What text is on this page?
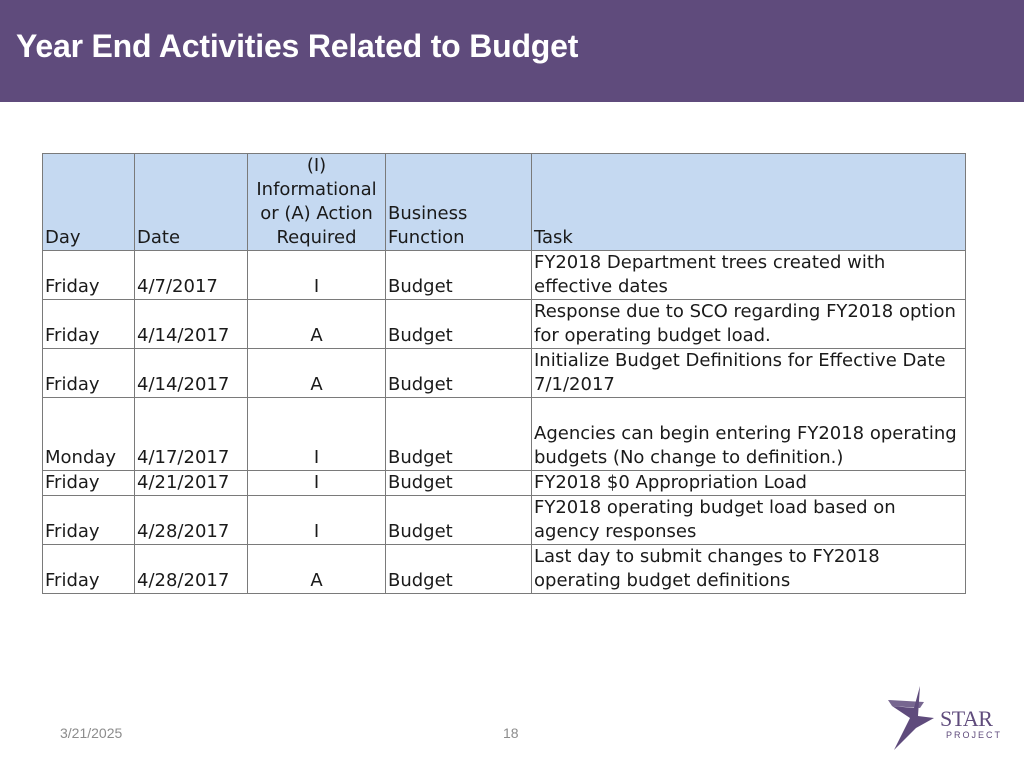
Year End Activities Related to Budget
Day	Date	(I) Informational or (A) Action Required	Business Function	Task
Friday	4/7/2017	I	Budget	FY2018 Department trees created with effective dates
Friday	4/14/2017	A	Budget	Response due to SCO regarding FY2018 option for operating budget load.
Friday	4/14/2017	A	Budget	Initialize Budget Definitions for Effective Date 7/1/2017
Monday	4/17/2017	I	Budget	Agencies can begin entering FY2018 operating budgets (No change to definition.)
Friday	4/21/2017	I	Budget	FY2018 $0 Appropriation Load
Friday	4/28/2017	I	Budget	FY2018 operating budget load based on agency responses
Friday	4/28/2017	A	Budget	Last day to submit changes to FY2018 operating budget definitions
3/21/2025	18
STAR
PROJECT
